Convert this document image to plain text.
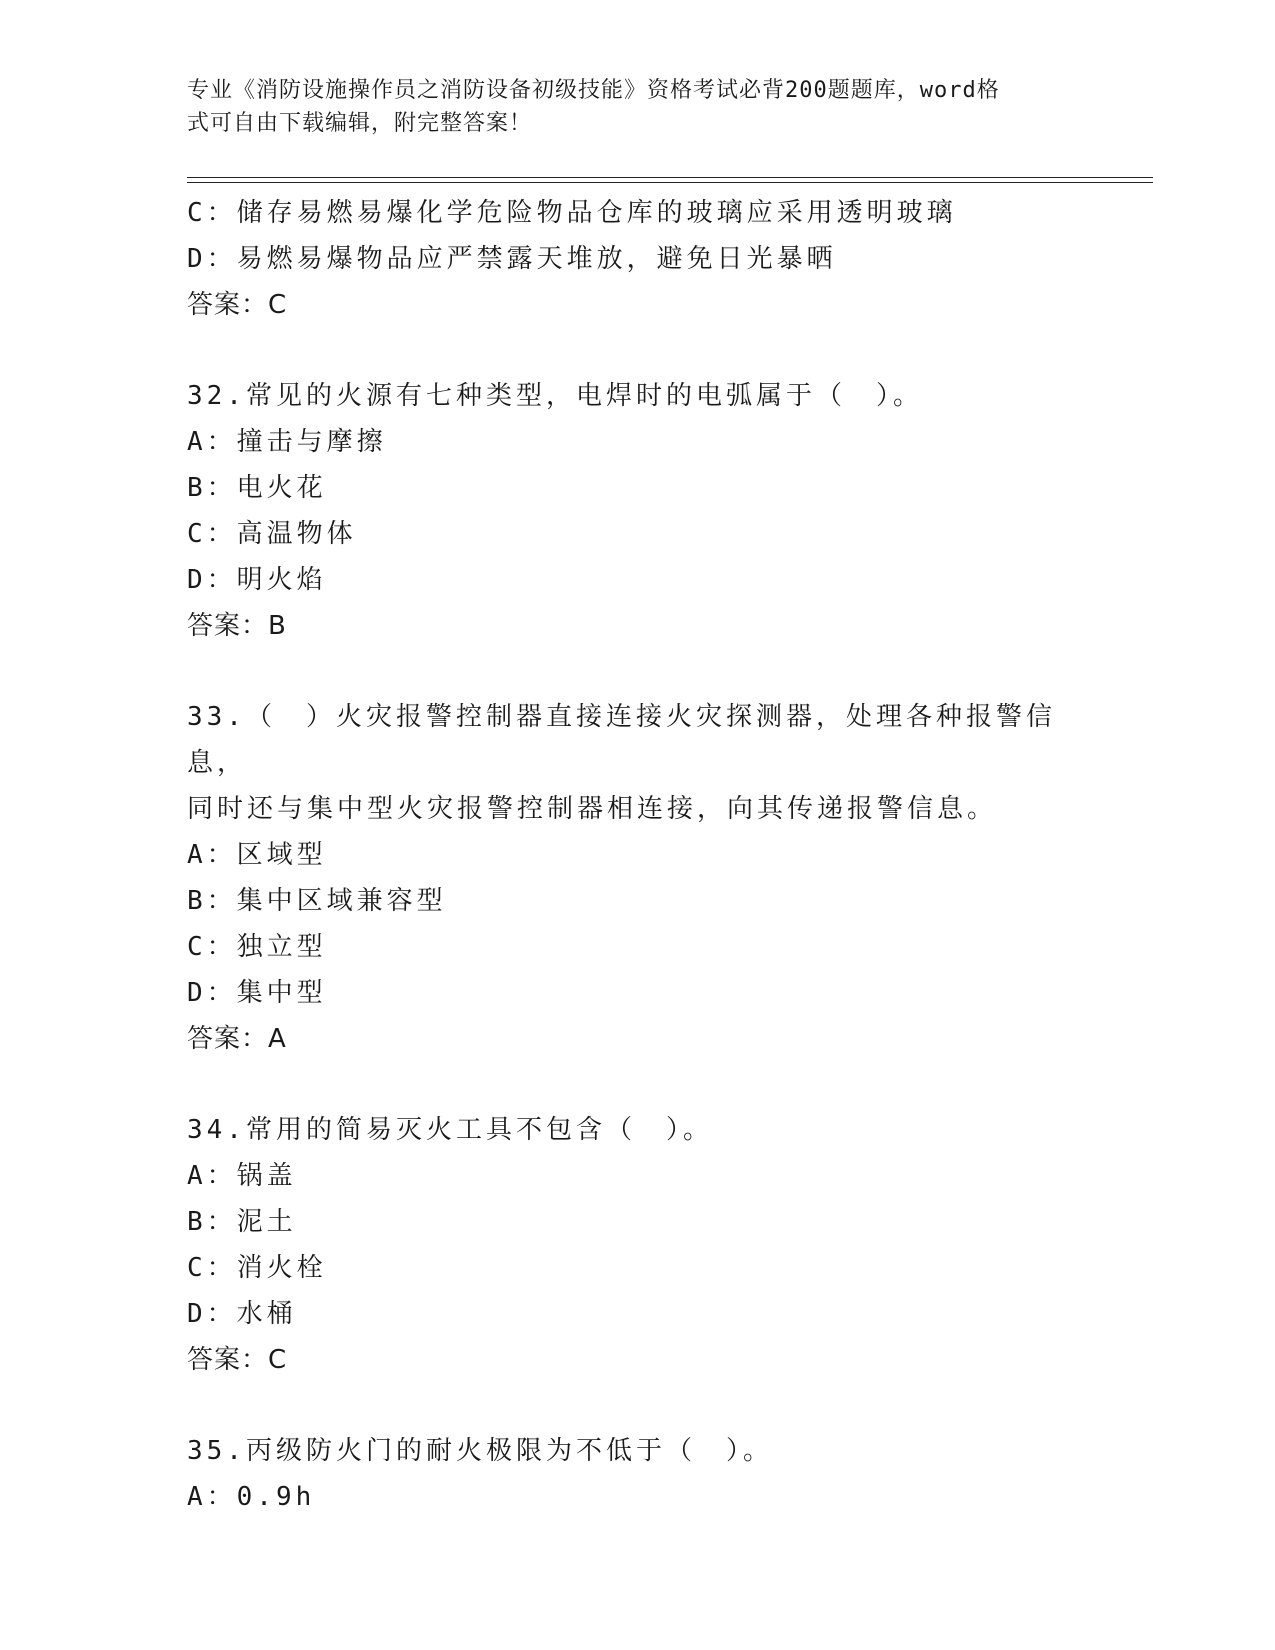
专业《消防设施操作员之消防设备初级技能》资格考试必背200题题库，word格
式可自由下载编辑，附完整答案！
C：储存易燃易爆化学危险物品仓库的玻璃应采用透明玻璃
D：易燃易爆物品应严禁露天堆放，避免日光暴晒
答案：C
32.常见的火源有七种类型，电焊时的电弧属于（　）。
A：撞击与摩擦
B：电火花
C：高温物体
D：明火焰
答案：B
33.（　）火灾报警控制器直接连接火灾探测器，处理各种报警信息，
同时还与集中型火灾报警控制器相连接，向其传递报警信息。
A：区域型
B：集中区域兼容型
C：独立型
D：集中型
答案：A
34.常用的简易灭火工具不包含（　）。
A：锅盖
B：泥土
C：消火栓
D：水桶
答案：C
35.丙级防火门的耐火极限为不低于（　）。
A：0.9h
